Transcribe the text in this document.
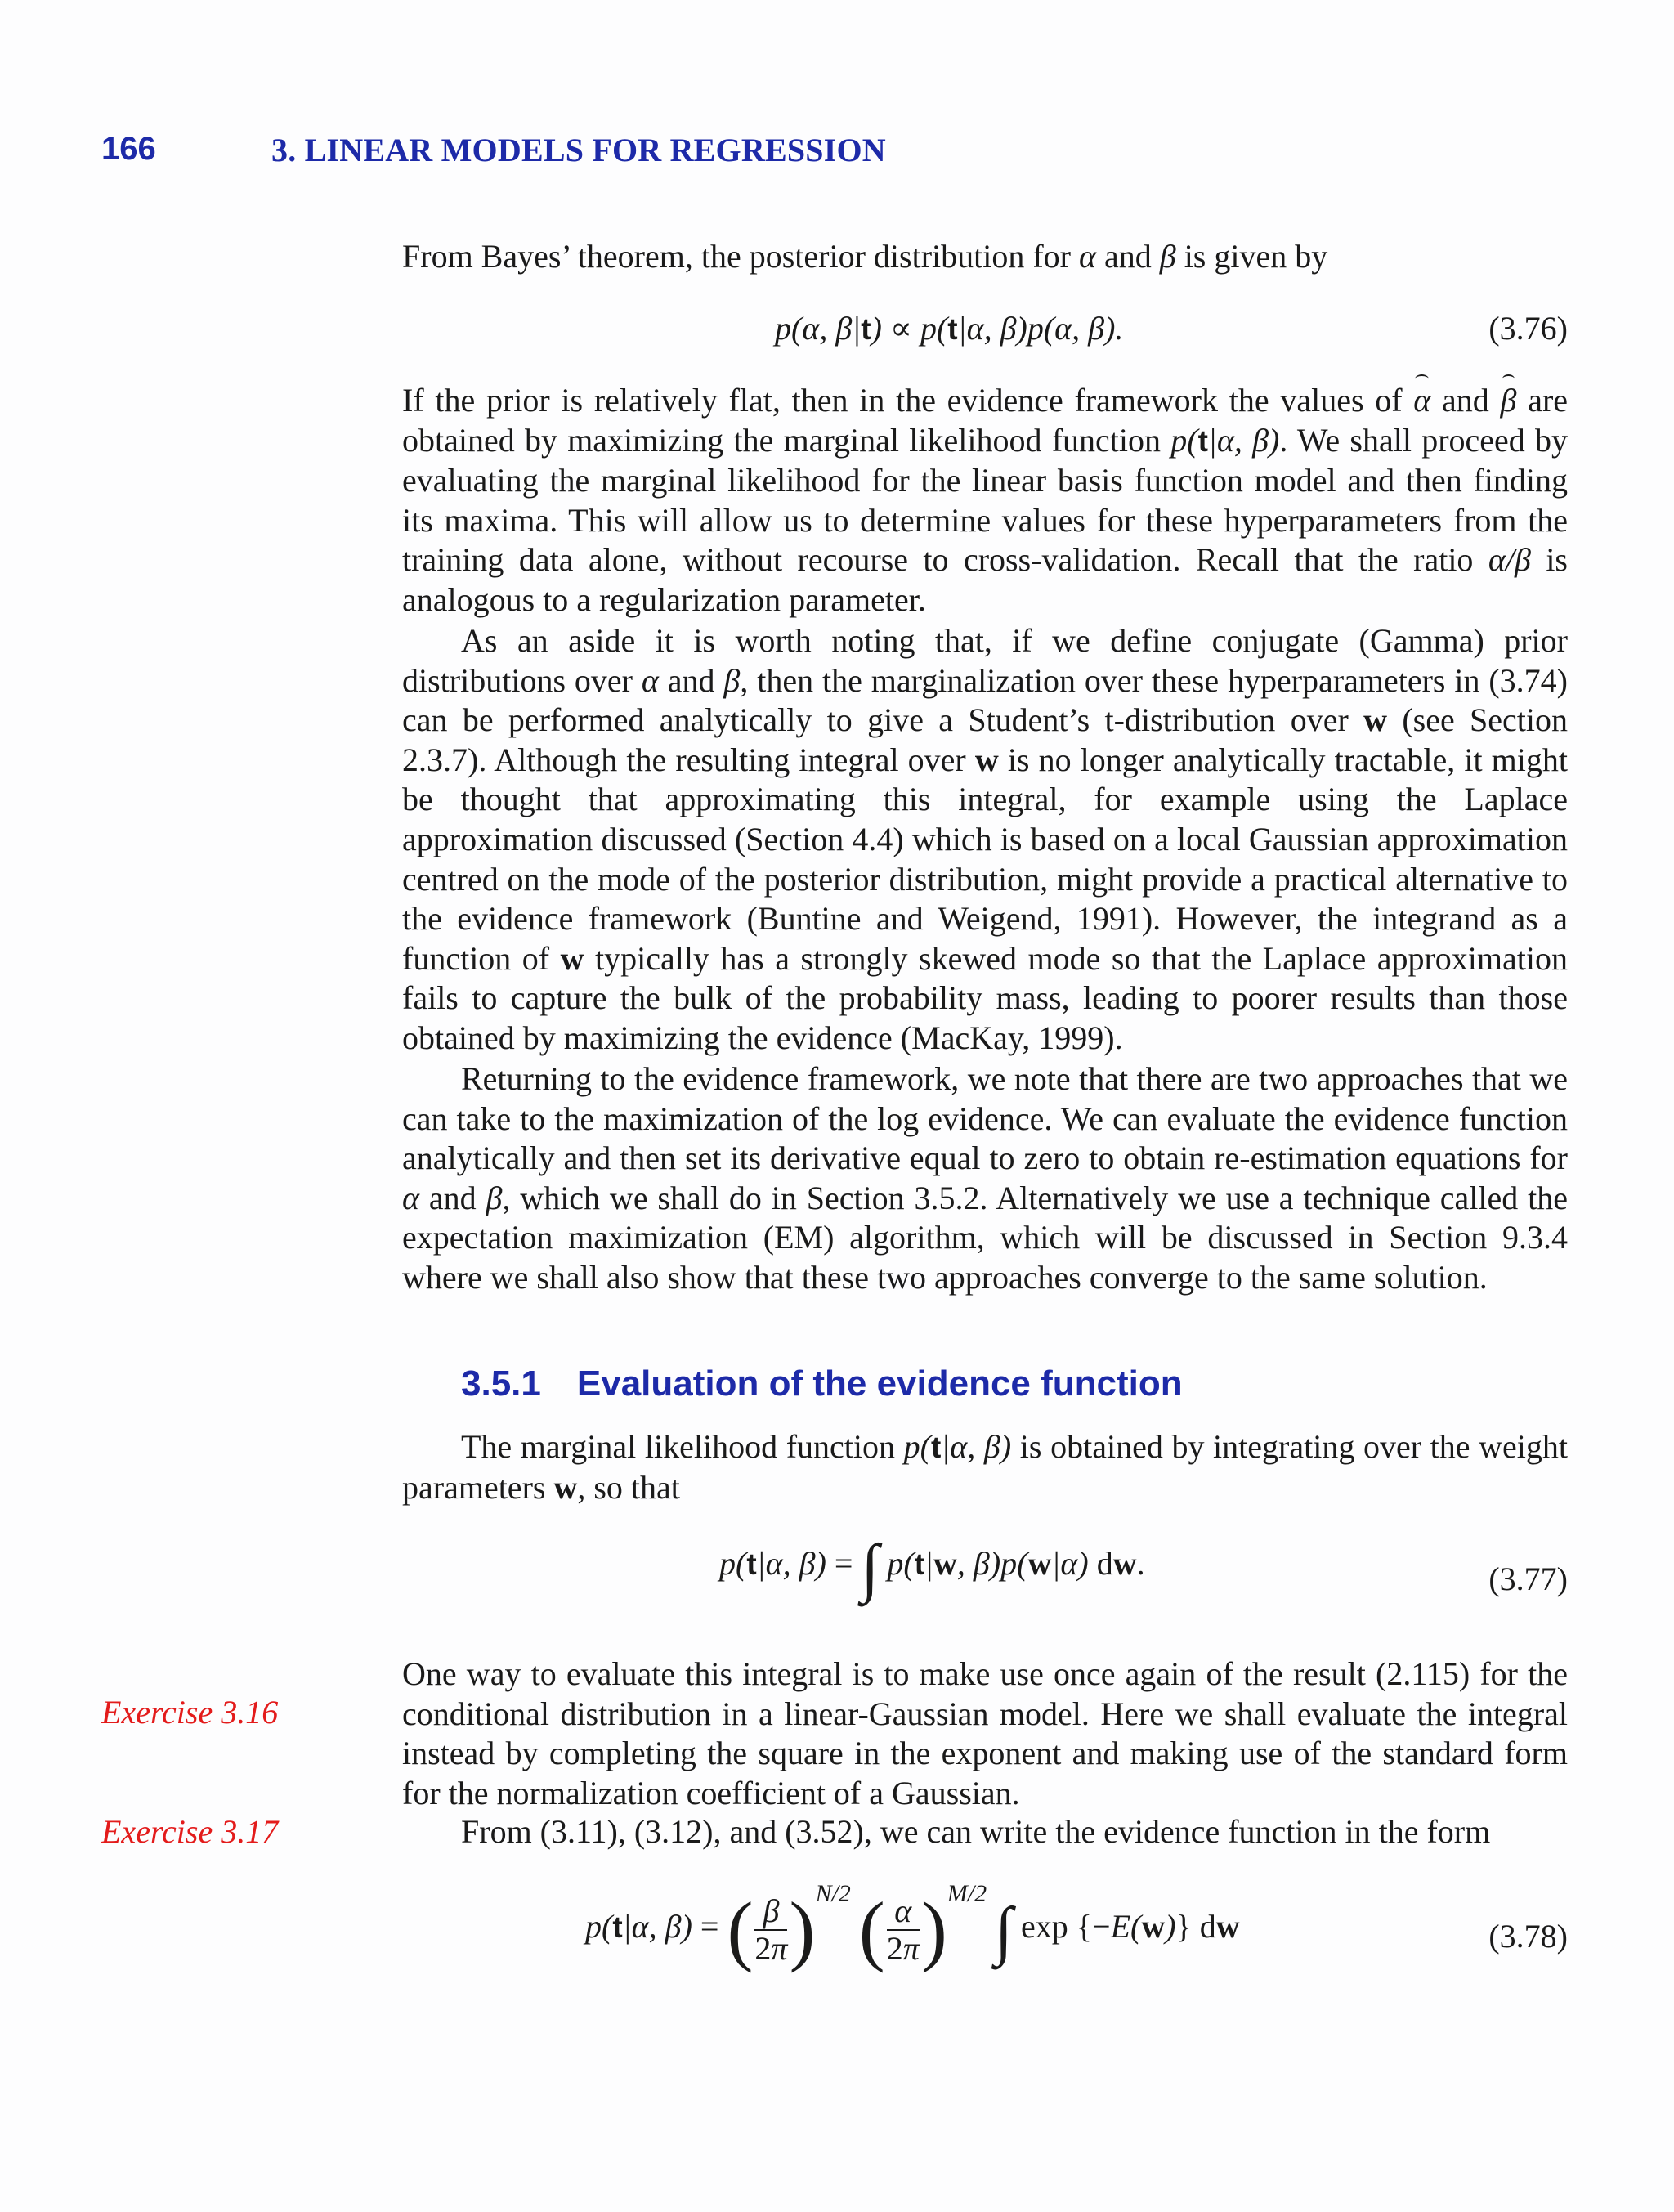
166	3. LINEAR MODELS FOR REGRESSION

From Bayes’ theorem, the posterior distribution for α and β is given by

p(α, β|t) ∝ p(t|α, β)p(α, β).	(3.76)

If the prior is relatively flat, then in the evidence framework the values of α and β are obtained by maximizing the marginal likelihood function p(t|α, β). We shall proceed by evaluating the marginal likelihood for the linear basis function model and then finding its maxima. This will allow us to determine values for these hyperparameters from the training data alone, without recourse to cross-validation. Recall that the ratio α/β is analogous to a regularization parameter.

As an aside it is worth noting that, if we define conjugate (Gamma) prior distributions over α and β, then the marginalization over these hyperparameters in (3.74) can be performed analytically to give a Student’s t-distribution over w (see Section 2.3.7). Although the resulting integral over w is no longer analytically tractable, it might be thought that approximating this integral, for example using the Laplace approximation discussed (Section 4.4) which is based on a local Gaussian approximation centred on the mode of the posterior distribution, might provide a practical alternative to the evidence framework (Buntine and Weigend, 1991). However, the integrand as a function of w typically has a strongly skewed mode so that the Laplace approximation fails to capture the bulk of the probability mass, leading to poorer results than those obtained by maximizing the evidence (MacKay, 1999).

Returning to the evidence framework, we note that there are two approaches that we can take to the maximization of the log evidence. We can evaluate the evidence function analytically and then set its derivative equal to zero to obtain re-estimation equations for α and β, which we shall do in Section 3.5.2. Alternatively we use a technique called the expectation maximization (EM) algorithm, which will be discussed in Section 9.3.4 where we shall also show that these two approaches converge to the same solution.

3.5.1 Evaluation of the evidence function

The marginal likelihood function p(t|α, β) is obtained by integrating over the weight parameters w, so that

p(t|α, β) = ∫ p(t|w, β)p(w|α) dw.	(3.77)

One way to evaluate this integral is to make use once again of the result (2.115) for the conditional distribution in a linear-Gaussian model. Here we shall evaluate the integral instead by completing the square in the exponent and making use of the standard form for the normalization coefficient of a Gaussian.

From (3.11), (3.12), and (3.52), we can write the evidence function in the form

Exercise 3.16
Exercise 3.17
p(t|α, β) = ( $\frac{\beta}{2\pi} )^{N/2}$ ( $\frac{\alpha}{2\pi} )^{M/2}$ ∫ exp {−E(w)} dw	(3.78)
